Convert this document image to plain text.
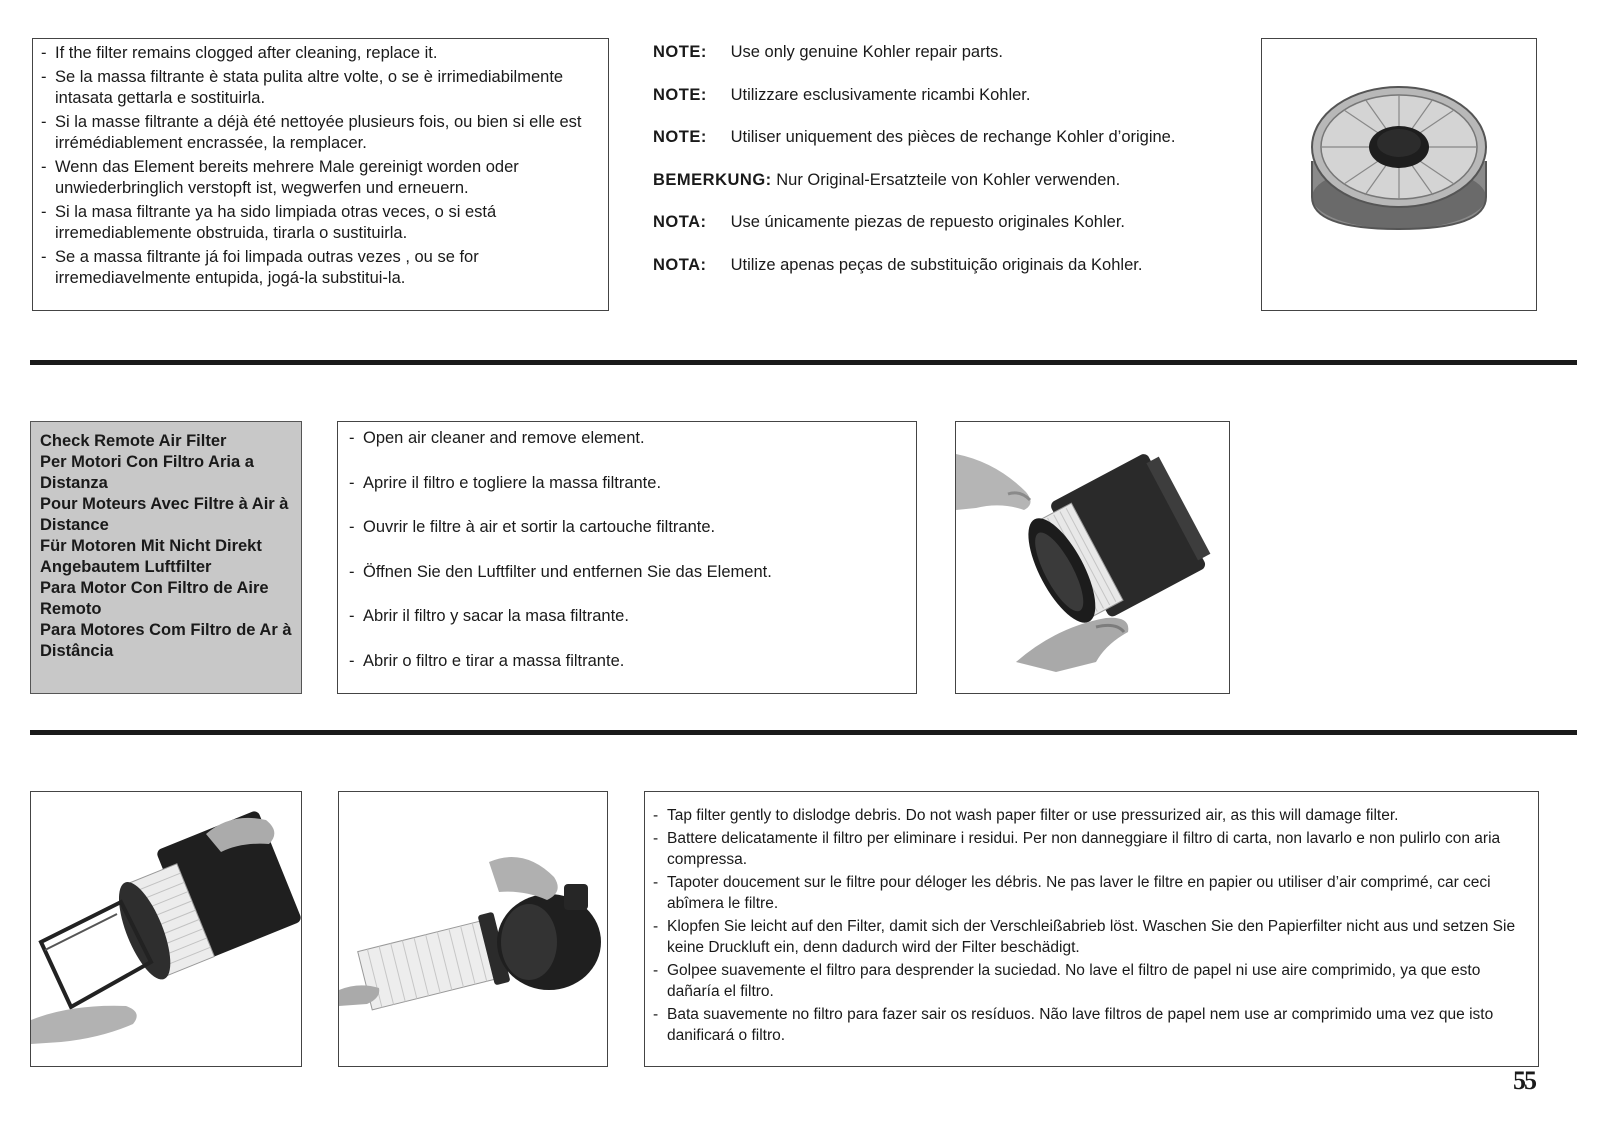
- If the filter remains clogged after cleaning, replace it.
- Se la massa filtrante è stata pulita altre volte, o se è irrimediabilmente intasata gettarla e sostituirla.
- Si la masse filtrante a déjà été nettoyée plusieurs fois, ou bien si elle est irrémédiablement encrassée, la remplacer.
- Wenn das Element bereits mehrere Male gereinigt worden oder unwiederbringlich verstopft ist, wegwerfen und erneuern.
- Si la masa filtrante ya ha sido limpiada otras veces, o si está irremediablemente obstruida, tirarla o sustituirla.
- Se a massa filtrante já foi limpada outras vezes , ou se for irremediavelmente entupida, jogá-la substitui-la.
NOTE: Use only genuine Kohler repair parts.
NOTE: Utilizzare esclusivamente ricambi Kohler.
NOTE: Utiliser uniquement des pièces de rechange Kohler d’origine.
BEMERKUNG: Nur Original-Ersatzteile von Kohler verwenden.
NOTA: Use únicamente piezas de repuesto originales Kohler.
NOTA: Utilize apenas peças de substituição originais da Kohler.
Check Remote Air Filter
Per Motori Con Filtro Aria a Distanza
Pour Moteurs Avec Filtre à Air à Distance
Für Motoren Mit Nicht Direkt Angebautem Luftfilter
Para Motor Con Filtro de Aire Remoto
Para Motores Com Filtro de Ar à Distância
- Open air cleaner and remove element.
- Aprire il filtro e togliere la massa filtrante.
- Ouvrir le filtre à air et sortir la cartouche filtrante.
- Öffnen Sie den Luftfilter und entfernen Sie das Element.
- Abrir il filtro y sacar la masa filtrante.
- Abrir o filtro e tirar a massa filtrante.
- Tap filter gently to dislodge debris. Do not wash paper filter or use pressurized air, as this will damage filter.
- Battere delicatamente il filtro per eliminare i residui. Per non danneggiare il filtro di carta, non lavarlo e non pulirlo con aria compressa.
- Tapoter doucement sur le filtre pour déloger les débris. Ne pas laver le filtre en papier ou utiliser d’air comprimé, car ceci abîmera le filtre.
- Klopfen Sie leicht auf den Filter, damit sich der Verschleißabrieb löst. Waschen Sie den Papierfilter nicht aus und setzen Sie keine Druckluft ein, denn dadurch wird der Filter beschädigt.
- Golpee suavemente el filtro para desprender la suciedad. No lave el filtro de papel ni use aire comprimido, ya que esto dañaría el filtro.
- Bata suavemente no filtro para fazer sair os resíduos. Não lave filtros de papel nem use ar comprimido uma vez que isto danificará o filtro.
55
